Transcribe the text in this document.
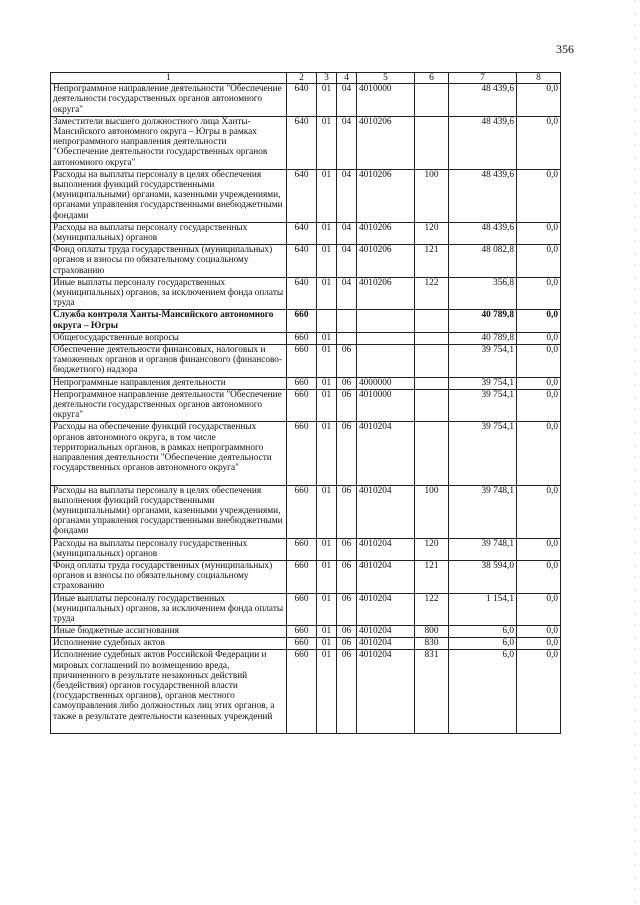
356
1	2	3	4	5	6	7	8
Непрограммное направление деятельности "Обеспечение деятельности государственных органов автономного округа"	640	01	04	4010000		48 439,6	0,0
Заместители высшего должностного лица Ханты-Мансийского автономного округа – Югры в рамках непрограммного направления деятельности "Обеспечение деятельности государственных органов автономного округа"	640	01	04	4010206		48 439,6	0,0
Расходы на выплаты персоналу в целях обеспечения выполнения функций государственными (муниципальными) органами, казенными учреждениями, органами управления государственными внебюджетными фондами	640	01	04	4010206	100	48 439,6	0,0
Расходы на выплаты персоналу государственных (муниципальных) органов	640	01	04	4010206	120	48 439,6	0,0
Фонд оплаты труда государственных (муниципальных) органов и взносы по обязательному социальному страхованию	640	01	04	4010206	121	48 082,8	0,0
Иные выплаты персоналу государственных (муниципальных) органов, за исключением фонда оплаты труда	640	01	04	4010206	122	356,8	0,0
Служба контроля Ханты-Мансийского автономного округа – Югры	660					40 789,8	0,0
Общегосударственные вопросы	660	01				40 789,8	0,0
Обеспечение деятельности финансовых, налоговых и таможенных органов и органов финансового (финансово-бюджетного) надзора	660	01	06			39 754,1	0,0
Непрограммные направления деятельности	660	01	06	4000000		39 754,1	0,0
Непрограммное направление деятельности "Обеспечение деятельности государственных органов автономного округа"	660	01	06	4010000		39 754,1	0,0
Расходы на обеспечение функций государственных органов автономного округа, в том числе территориальных органов, в рамках непрограммного направления деятельности "Обеспечение деятельности государственных органов автономного округа"	660	01	06	4010204		39 754,1	0,0
Расходы на выплаты персоналу в целях обеспечения выполнения функций государственными (муниципальными) органами, казенными учреждениями, органами управления государственными внебюджетными фондами	660	01	06	4010204	100	39 748,1	0,0
Расходы на выплаты персоналу государственных (муниципальных) органов	660	01	06	4010204	120	39 748,1	0,0
Фонд оплаты труда государственных (муниципальных) органов и взносы по обязательному социальному страхованию	660	01	06	4010204	121	38 594,0	0,0
Иные выплаты персоналу государственных (муниципальных) органов, за исключением фонда оплаты труда	660	01	06	4010204	122	1 154,1	0,0
Иные бюджетные ассигнования	660	01	06	4010204	800	6,0	0,0
Исполнение судебных актов	660	01	06	4010204	830	6,0	0,0
Исполнение судебных актов Российской Федерации и мировых соглашений по возмещению вреда, причиненного в результате незаконных действий (бездействия) органов государственной власти (государственных органов), органов местного самоуправления либо должностных лиц этих органов, а также в результате деятельности казенных учреждений	660	01	06	4010204	831	6,0	0,0
